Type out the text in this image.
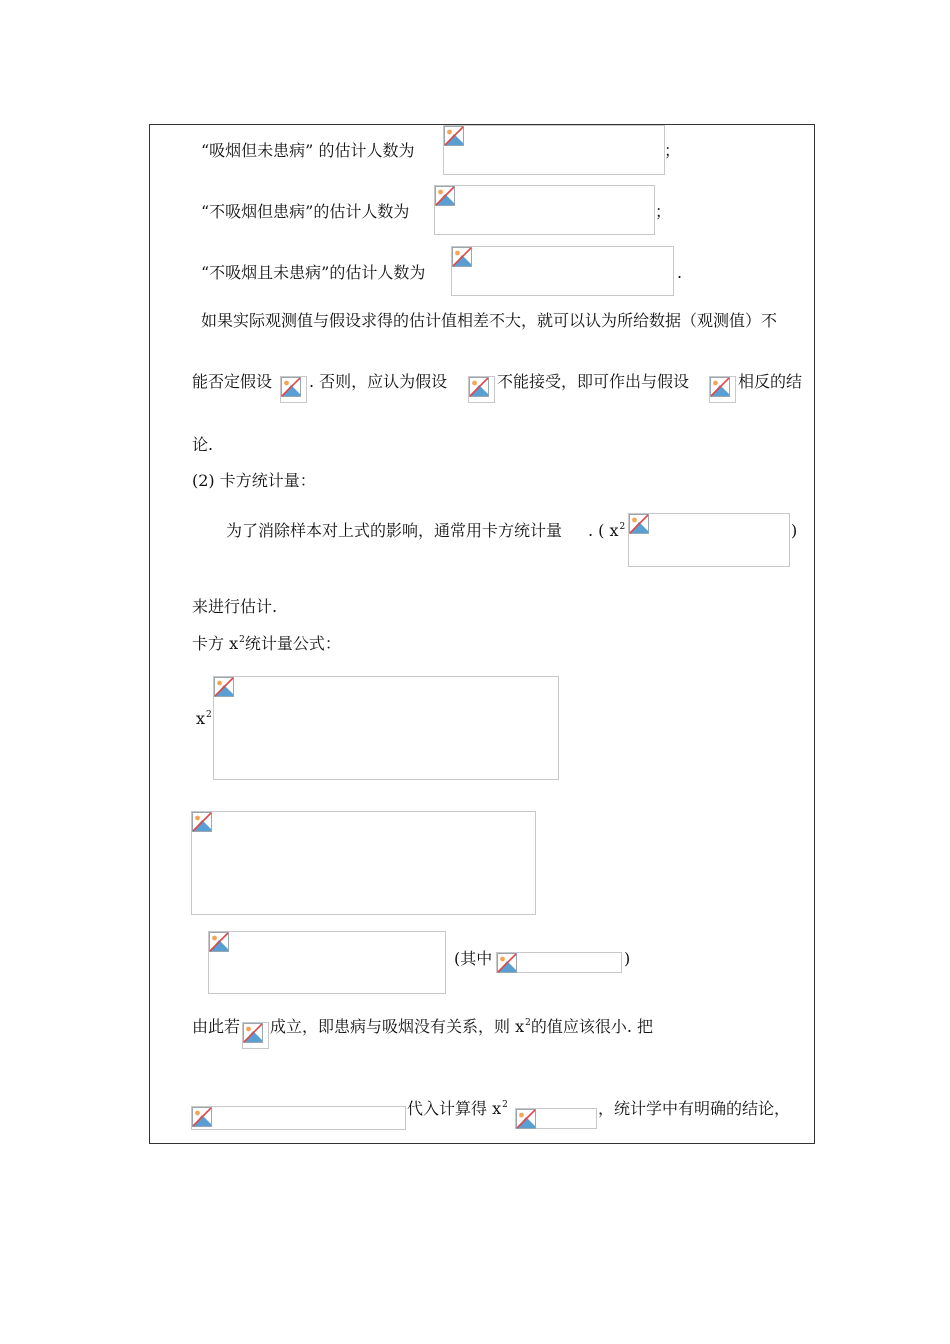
“吸烟但未患病” 的估计人数为	；
“不吸烟但患病”的估计人数为	；
“不吸烟且未患病”的估计人数为	.
如果实际观测值与假设求得的估计值相差不大，就可以认为所给数据（观测值）不
能否定假设 . 否则，应认为假设	不能接受，即可作出与假设	相反的结
论.
(2) 卡方统计量：
为了消除样本对上式的影响，通常用卡方统计量 . ( $x^2$	)
来进行估计.
卡方 $x^2$统计量公式：
$x^2$
(其中	)
由此若 成立，即患病与吸烟没有关系，则 $x^2$的值应该很小. 把
代入计算得 $x^2$	，统计学中有明确的结论，
